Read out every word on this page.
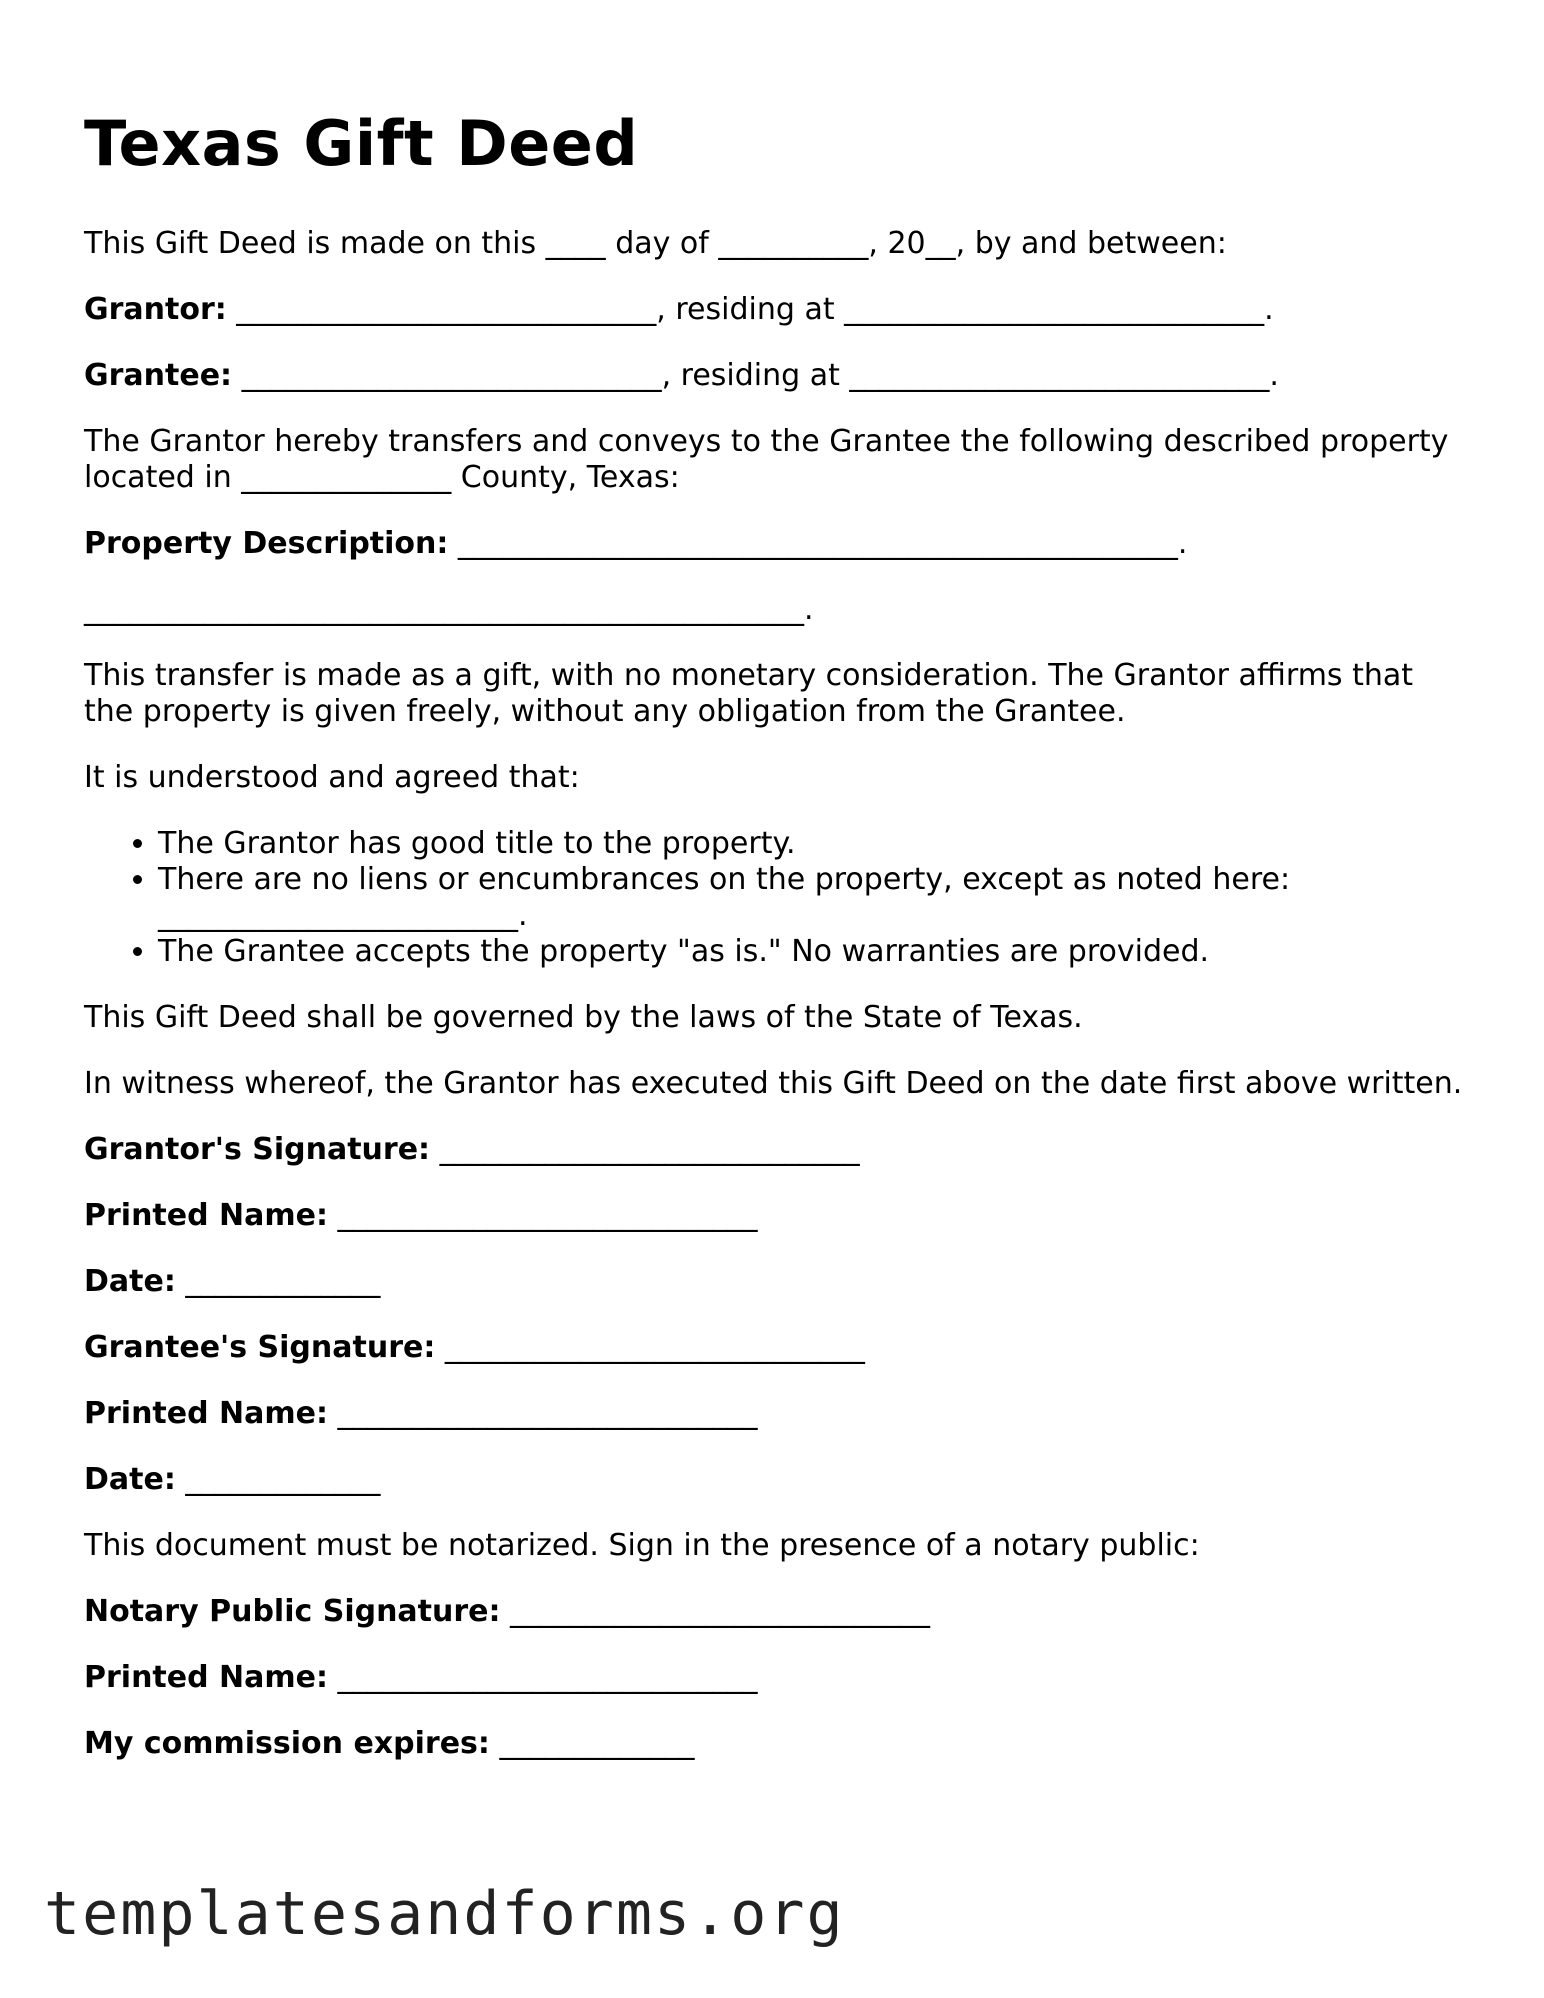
Texas Gift Deed

This Gift Deed is made on this ____ day of __________, 20__, by and between:

Grantor: ____________________________, residing at ____________________________.

Grantee: ____________________________, residing at ____________________________.

The Grantor hereby transfers and conveys to the Grantee the following described property located in ______________ County, Texas:

Property Description: ________________________________________________.

________________________________________________.

This transfer is made as a gift, with no monetary consideration. The Grantor affirms that the property is given freely, without any obligation from the Grantee.

It is understood and agreed that:

• The Grantor has good title to the property.
• There are no liens or encumbrances on the property, except as noted here: ________________________.
• The Grantee accepts the property "as is." No warranties are provided.

This Gift Deed shall be governed by the laws of the State of Texas.

In witness whereof, the Grantor has executed this Gift Deed on the date first above written.

Grantor's Signature: ____________________________

Printed Name: ____________________________

Date: _____________

Grantee's Signature: ____________________________

Printed Name: ____________________________

Date: _____________

This document must be notarized. Sign in the presence of a notary public:

Notary Public Signature: ____________________________

Printed Name: ____________________________

My commission expires: _____________

templatesandforms.org
